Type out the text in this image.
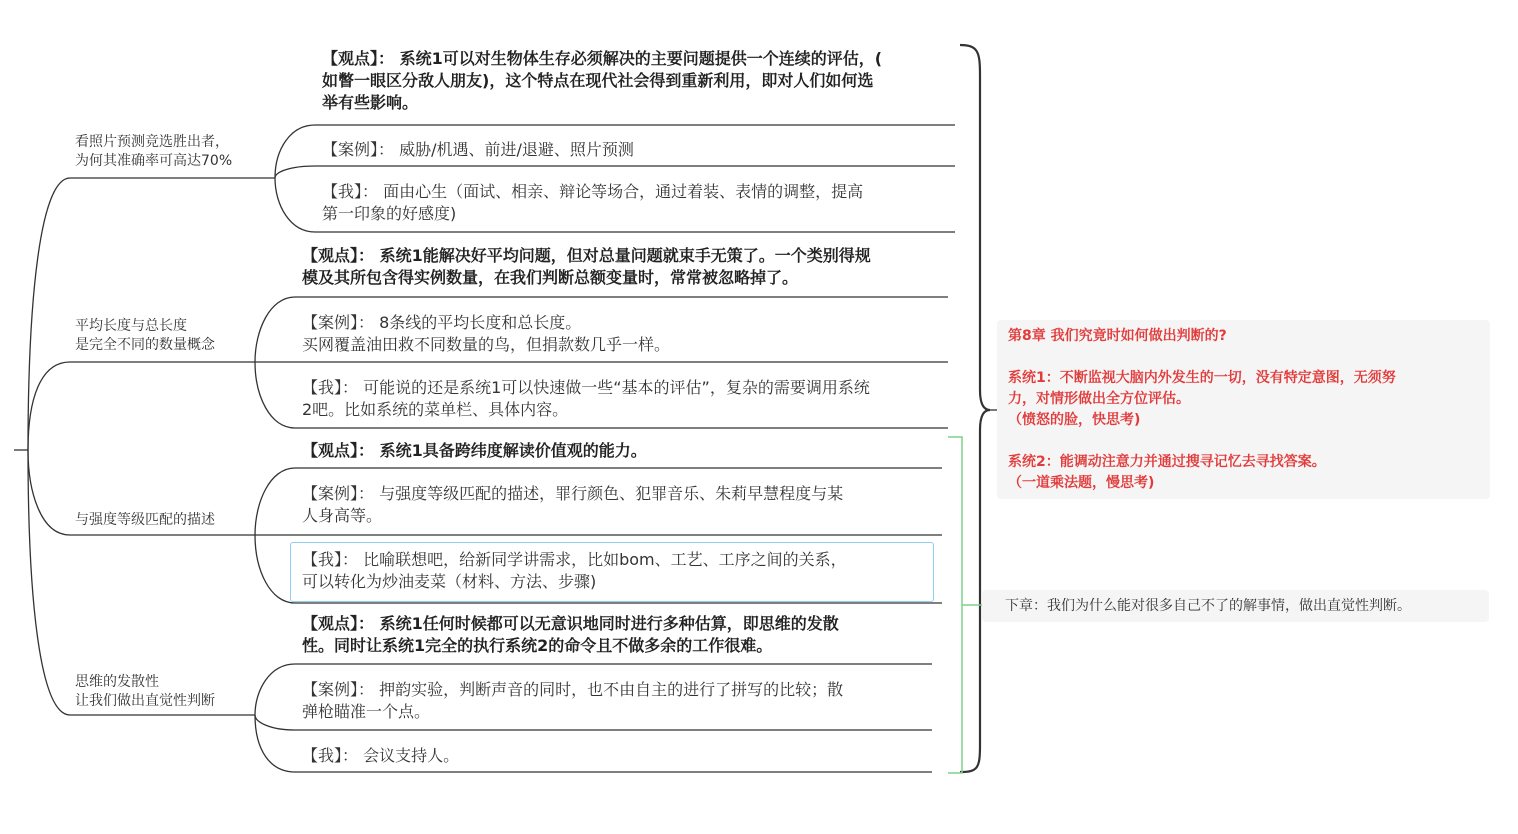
看照片预测竞选胜出者，
为何其准确率可高达70%
平均长度与总长度
是完全不同的数量概念
与强度等级匹配的描述
思维的发散性
让我们做出直觉性判断
【观点】： 系统1可以对生物体生存必须解决的主要问题提供一个连续的评估，(
如瞥一眼区分敌人朋友)，这个特点在现代社会得到重新利用，即对人们如何选
举有些影响。
【案例】： 威胁/机遇、前进/退避、照片预测
【我】： 面由心生（面试、相亲、辩论等场合，通过着装、表情的调整，提高
第一印象的好感度)
【观点】： 系统1能解决好平均问题，但对总量问题就束手无策了。一个类别得规
模及其所包含得实例数量，在我们判断总额变量时，常常被忽略掉了。
【案例】： 8条线的平均长度和总长度。
买网覆盖油田救不同数量的鸟，但捐款数几乎一样。
【我】： 可能说的还是系统1可以快速做一些“基本的评估”，复杂的需要调用系统
2吧。比如系统的菜单栏、具体内容。
【观点】： 系统1具备跨纬度解读价值观的能力。
【案例】： 与强度等级匹配的描述，罪行颜色、犯罪音乐、朱莉早慧程度与某
人身高等。
【我】： 比喻联想吧，给新同学讲需求，比如bom、工艺、工序之间的关系，
可以转化为炒油麦菜（材料、方法、步骤)
【观点】： 系统1任何时候都可以无意识地同时进行多种估算，即思维的发散
性。同时让系统1完全的执行系统2的命令且不做多余的工作很难。
【案例】： 押韵实验，判断声音的同时，也不由自主的进行了拼写的比较；散
弹枪瞄准一个点。
【我】： 会议支持人。
第8章 我们究竟时如何做出判断的?
系统1：不断监视大脑内外发生的一切，没有特定意图，无须努
力，对情形做出全方位评估。
（愤怒的脸，快思考)
系统2：能调动注意力并通过搜寻记忆去寻找答案。
（一道乘法题，慢思考)
下章：我们为什么能对很多自己不了的解事情，做出直觉性判断。
